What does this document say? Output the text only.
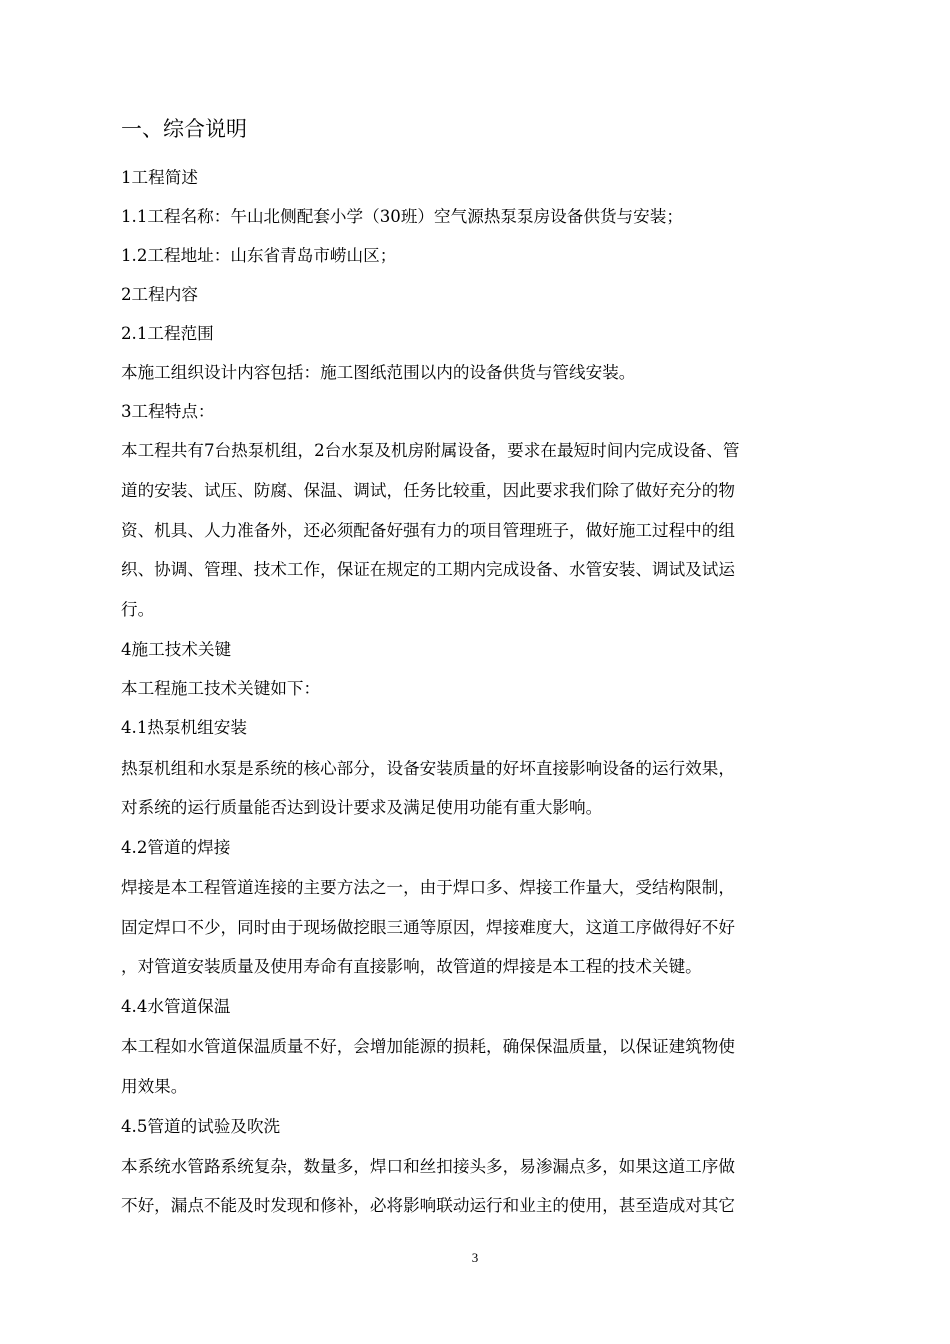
一、综合说明
1工程简述
1.1工程名称：午山北侧配套小学（30班）空气源热泵泵房设备供货与安装；
1.2工程地址：山东省青岛市崂山区；
2工程内容
2.1工程范围
本施工组织设计内容包括：施工图纸范围以内的设备供货与管线安装。
3工程特点：
本工程共有7台热泵机组，2台水泵及机房附属设备，要求在最短时间内完成设备、管
道的安装、试压、防腐、保温、调试，任务比较重，因此要求我们除了做好充分的物
资、机具、人力准备外，还必须配备好强有力的项目管理班子，做好施工过程中的组
织、协调、管理、技术工作，保证在规定的工期内完成设备、水管安装、调试及试运
行。
4施工技术关键
本工程施工技术关键如下：
4.1热泵机组安装
热泵机组和水泵是系统的核心部分，设备安装质量的好坏直接影响设备的运行效果，
对系统的运行质量能否达到设计要求及满足使用功能有重大影响。
4.2管道的焊接
焊接是本工程管道连接的主要方法之一，由于焊口多、焊接工作量大，受结构限制，
固定焊口不少，同时由于现场做挖眼三通等原因，焊接难度大，这道工序做得好不好
，对管道安装质量及使用寿命有直接影响，故管道的焊接是本工程的技术关键。
4.4水管道保温
本工程如水管道保温质量不好，会增加能源的损耗，确保保温质量，以保证建筑物使
用效果。
4.5管道的试验及吹洗
本系统水管路系统复杂，数量多，焊口和丝扣接头多，易渗漏点多，如果这道工序做
不好，漏点不能及时发现和修补，必将影响联动运行和业主的使用，甚至造成对其它
3
